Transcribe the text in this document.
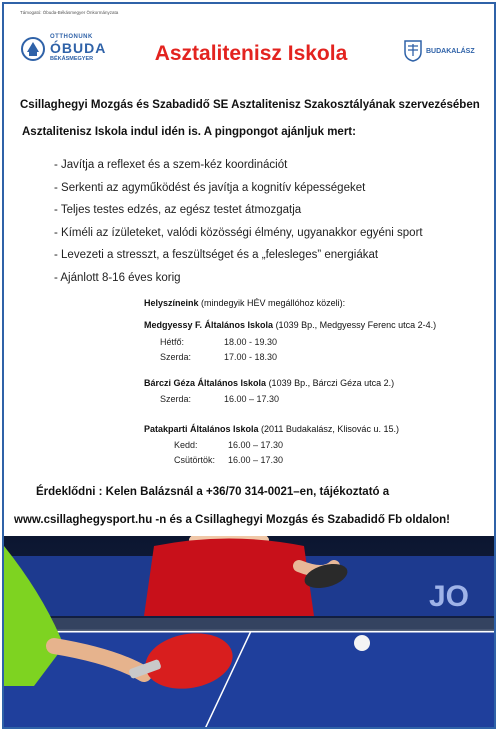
Támogató: Óbuda-Békásmegyer Önkormányzata
OTTHONUNK
ÓBUDA
BÉKÁSMEGYER	Asztalitenisz Iskola	BUDAKALÁSZ
Csillaghegyi Mozgás és Szabadidő SE Asztalitenisz Szakosztályának szervezésében
Asztalitenisz Iskola indul idén is. A pingpongot ajánljuk mert:
- Javítja a reflexet és a szem-kéz koordinációt
- Serkenti az agyműködést és javítja a kognitív képességeket
- Teljes testes edzés, az egész testet átmozgatja
- Kíméli az ízületeket, valódi közösségi élmény, ugyanakkor egyéni sport
- Levezeti a stresszt, a feszültséget és a „felesleges” energiákat
- Ajánlott 8-16 éves korig
Helyszíneink (mindegyik HÉV megállóhoz közeli):
Medgyessy F. Általános Iskola (1039 Bp., Medgyessy Ferenc utca 2-4.)
Hétfő:	18.00 - 19.30
Szerda:	17.00 - 18.30
Bárczi Géza Általános Iskola (1039 Bp., Bárczi Géza utca 2.)
Szerda:	16.00 – 17.30
Patakparti Általános Iskola (2011 Budakalász, Klisovác u. 15.)
Kedd:	16.00 – 17.30
Csütörtök: 16.00 – 17.30
Érdeklődni : Kelen Balázsnál a +36/70 314-0021–en, tájékoztató a
www.csillaghegysport.hu -n és a Csillaghegyi Mozgás és Szabadidő Fb oldalon!
JO
